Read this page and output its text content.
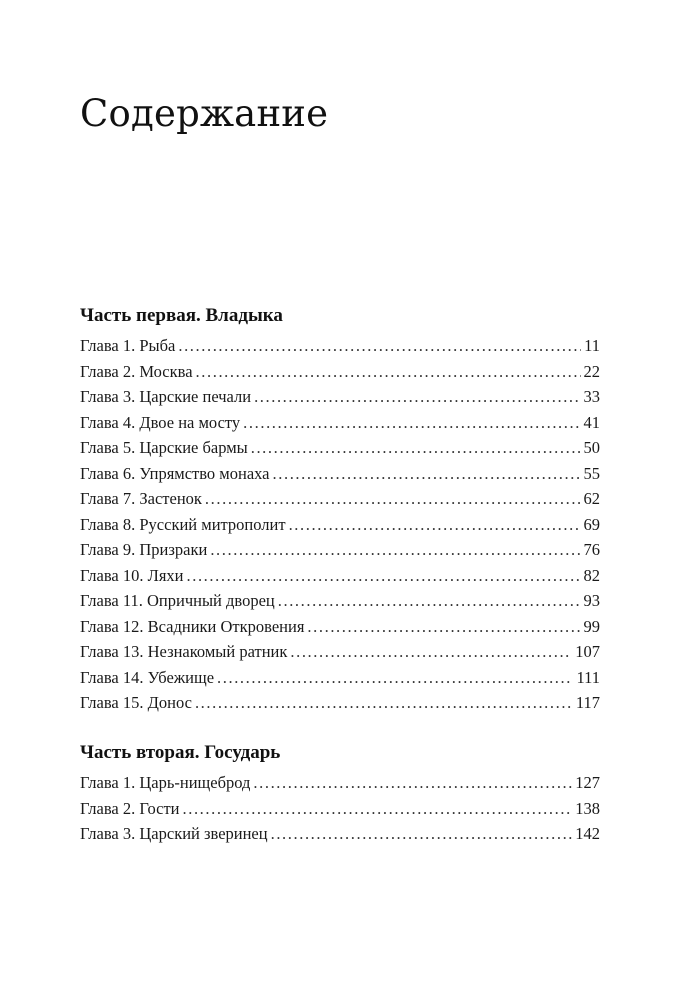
Содержание
Часть первая. Владыка
Глава 1. Рыба .....	11
Глава 2. Москва .....	22
Глава 3. Царские печали .....	33
Глава 4. Двое на мосту .....	41
Глава 5. Царские бармы .....	50
Глава 6. Упрямство монаха .....	55
Глава 7. Застенок .....	62
Глава 8. Русский митрополит .....	69
Глава 9. Призраки .....	76
Глава 10. Ляхи .....	82
Глава 11. Опричный дворец .....	93
Глава 12. Всадники Откровения .....	99
Глава 13. Незнакомый ратник .....	107
Глава 14. Убежище .....	111
Глава 15. Донос .....	117
Часть вторая. Государь
Глава 1. Царь-нищеброд .....	127
Глава 2. Гости .....	138
Глава 3. Царский зверинец .....	142
